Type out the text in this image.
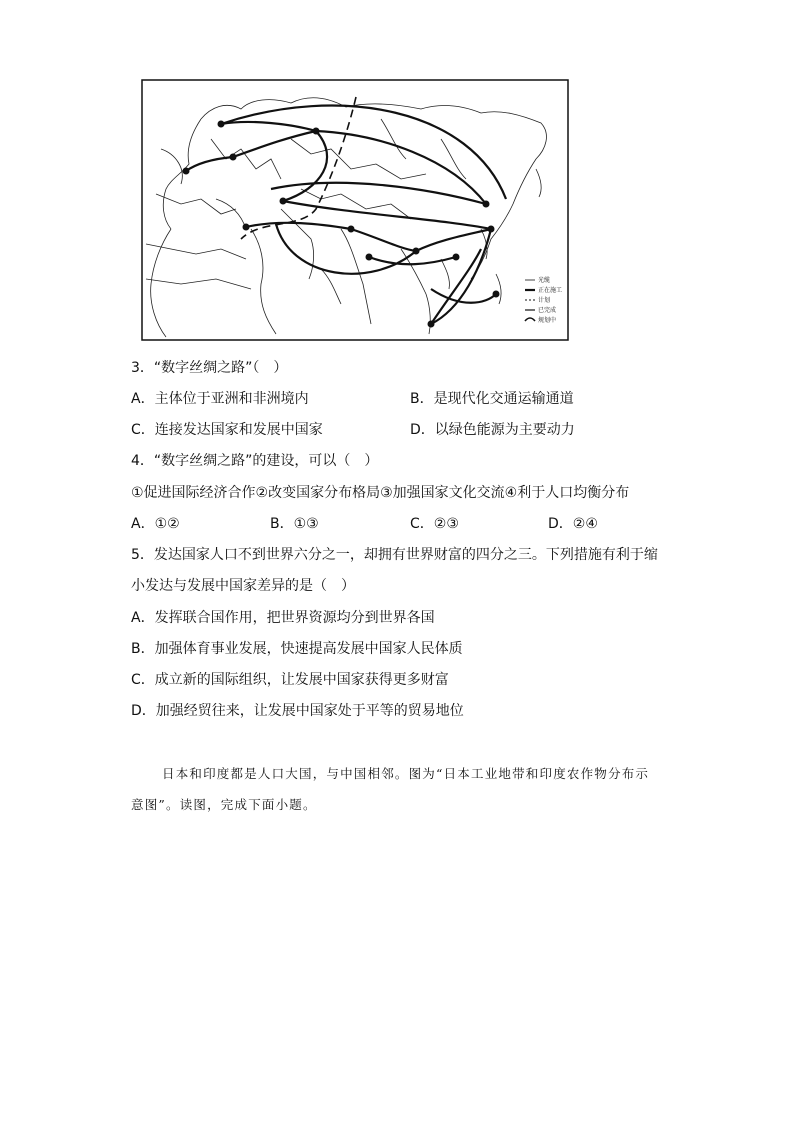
光缆
正在施工
计划
已完成
规划中
3．“数字丝绸之路”（　）
A．主体位于亚洲和非洲境内	B．是现代化交通运输通道
C．连接发达国家和发展中国家	D．以绿色能源为主要动力
4．“数字丝绸之路”的建设，可以（　）
①促进国际经济合作②改变国家分布格局③加强国家文化交流④利于人口均衡分布
A．①②	B．①③	C．②③	D．②④
5．发达国家人口不到世界六分之一，却拥有世界财富的四分之三。下列措施有利于缩
小发达与发展中国家差异的是（　）
A．发挥联合国作用，把世界资源均分到世界各国
B．加强体育事业发展，快速提高发展中国家人民体质
C．成立新的国际组织，让发展中国家获得更多财富
D．加强经贸往来，让发展中国家处于平等的贸易地位
日本和印度都是人口大国，与中国相邻。图为“日本工业地带和印度农作物分布示
意图”。读图，完成下面小题。
